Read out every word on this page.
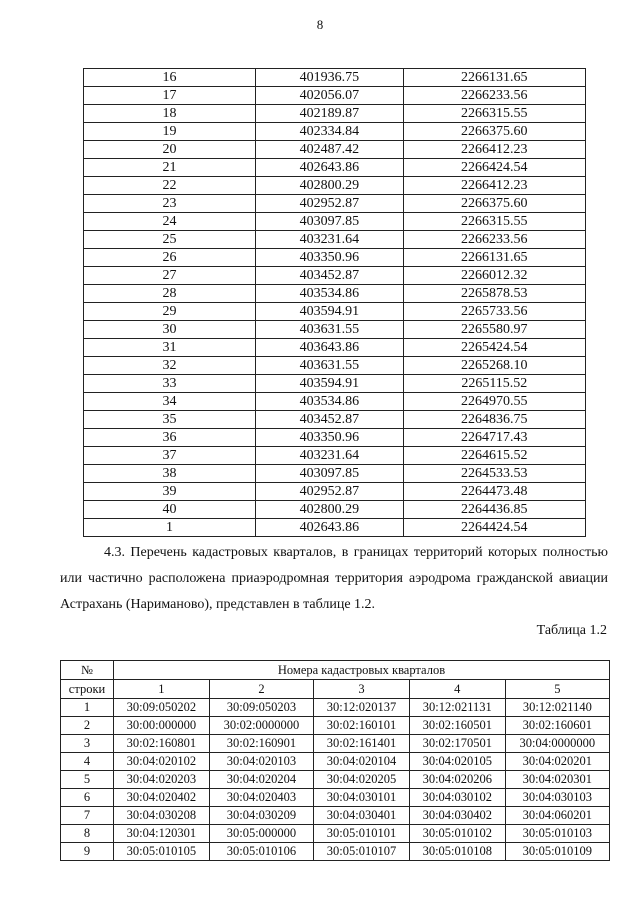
8
16	401936.75	2266131.65
17	402056.07	2266233.56
18	402189.87	2266315.55
19	402334.84	2266375.60
20	402487.42	2266412.23
21	402643.86	2266424.54
22	402800.29	2266412.23
23	402952.87	2266375.60
24	403097.85	2266315.55
25	403231.64	2266233.56
26	403350.96	2266131.65
27	403452.87	2266012.32
28	403534.86	2265878.53
29	403594.91	2265733.56
30	403631.55	2265580.97
31	403643.86	2265424.54
32	403631.55	2265268.10
33	403594.91	2265115.52
34	403534.86	2264970.55
35	403452.87	2264836.75
36	403350.96	2264717.43
37	403231.64	2264615.52
38	403097.85	2264533.53
39	402952.87	2264473.48
40	402800.29	2264436.85
1	402643.86	2264424.54

4.3. Перечень кадастровых кварталов, в границах территорий которых полностью или частично расположена приаэродромная территория аэродрома гражданской авиации Астрахань (Нариманово), представлен в таблице 1.2.

Таблица 1.2
№	Номера кадастровых кварталов				
строки	1	2	3	4	5
1	30:09:050202	30:09:050203	30:12:020137	30:12:021131	30:12:021140
2	30:00:000000	30:02:0000000	30:02:160101	30:02:160501	30:02:160601
3	30:02:160801	30:02:160901	30:02:161401	30:02:170501	30:04:0000000
4	30:04:020102	30:04:020103	30:04:020104	30:04:020105	30:04:020201
5	30:04:020203	30:04:020204	30:04:020205	30:04:020206	30:04:020301
6	30:04:020402	30:04:020403	30:04:030101	30:04:030102	30:04:030103
7	30:04:030208	30:04:030209	30:04:030401	30:04:030402	30:04:060201
8	30:04:120301	30:05:000000	30:05:010101	30:05:010102	30:05:010103
9	30:05:010105	30:05:010106	30:05:010107	30:05:010108	30:05:010109
